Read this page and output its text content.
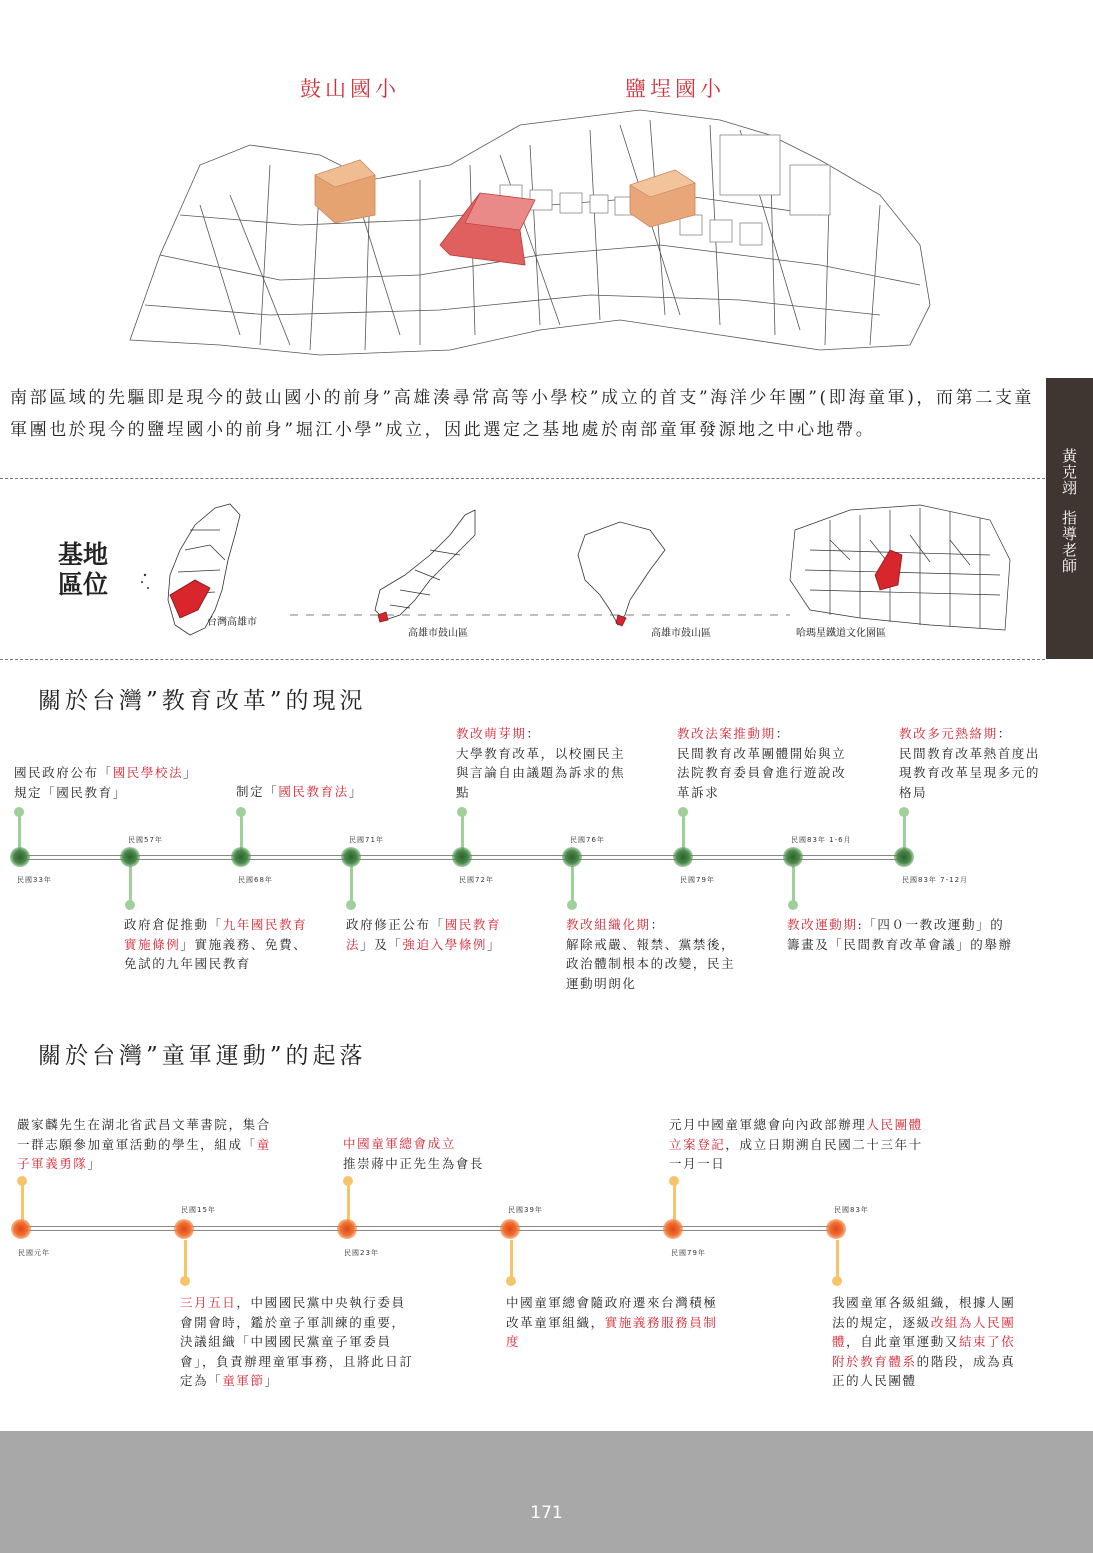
鼓山國小	鹽埕國小
南部區域的先驅即是現今的鼓山國小的前身”高雄湊尋常高等小學校”成立的首支”海洋少年團”(即海童軍)，而第二支童軍團也於現今的鹽埕國小的前身”堀江小學”成立，因此選定之基地處於南部童軍發源地之中心地帶。
黃克翊
指導老師
基地
區位
台灣高雄市
高雄市鼓山區	高雄市鼓山區	哈瑪星鐵道文化園區
關於台灣”教育改革”的現況
民國33年	民國68年	民國72年	民國79年	民國83年 7-12月
民國57年	民國71年	民國76年	民國83年 1-6月
國民政府公布「國民學校法」
規定「國民教育」	制定「國民教育法」
教改萌芽期：
大學教育改革，以校園民主與言論自由議題為訴求的焦點
教改法案推動期：
民間教育改革團體開始與立法院教育委員會進行遊說改革訴求
教改多元熱絡期：
民間教育改革熱首度出現教育改革呈現多元的格局
政府倉促推動「九年國民教育實施條例」實施義務、免費、免試的九年國民教育
政府修正公布「國民教育法」及「強迫入學條例」
教改組織化期：
解除戒嚴、報禁、黨禁後，政治體制根本的改變，民主運動明朗化
教改運動期:「四０一教改運動」的籌畫及「民間教育改革會議」的舉辦
關於台灣”童軍運動”的起落
民國元年	民國23年	民國79年
民國15年	民國39年	民國83年
嚴家麟先生在湖北省武昌文華書院，集合一群志願參加童軍活動的學生，組成「童子軍義勇隊」
中國童軍總會成立
推崇蔣中正先生為會長
元月中國童軍總會向內政部辦理人民團體立案登記，成立日期溯自民國二十三年十一月一日
三月五日，中國國民黨中央執行委員會開會時，鑑於童子軍訓練的重要，決議組織「中國國民黨童子軍委員會」，負責辦理童軍事務，且將此日訂定為「童軍節」
中國童軍總會隨政府遷來台灣積極改革童軍組織，實施義務服務員制度
我國童軍各級組織，根據人團法的規定，逐級改組為人民團體，自此童軍運動又結束了依附於教育體系的階段，成為真正的人民團體
171
